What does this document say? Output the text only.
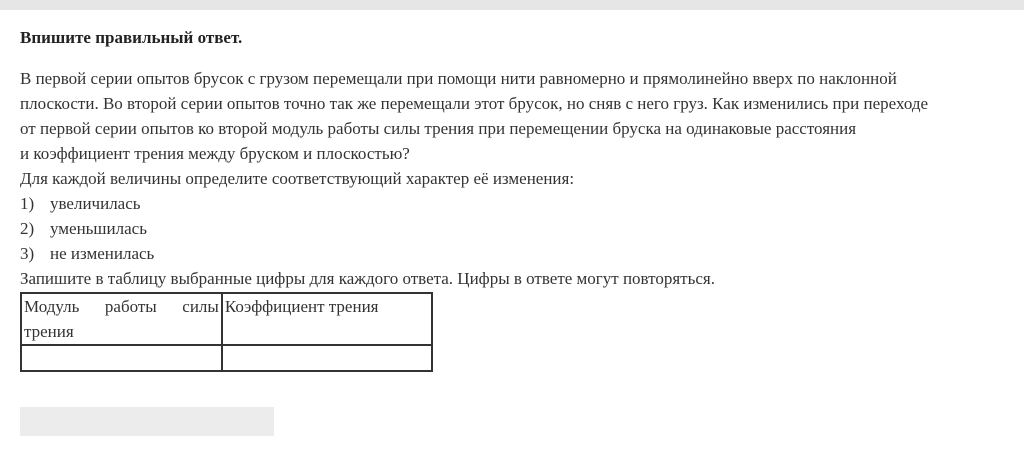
Впишите правильный ответ.

В первой серии опытов брусок с грузом перемещали при помощи нити равномерно и прямолинейно вверх по наклонной
плоскости. Во второй серии опытов точно так же перемещали этот брусок, но сняв с него груз. Как изменились при переходе
от первой серии опытов ко второй модуль работы силы трения при перемещении бруска на одинаковые расстояния
и коэффициент трения между бруском и плоскостью?

Для каждой величины определите соответствующий характер её изменения:

1) увеличилась
2) уменьшилась
3) не изменилась

Запишите в таблицу выбранные цифры для каждого ответа. Цифры в ответе могут повторяться.

Модуль работы силы трения	Коэффициент трения
